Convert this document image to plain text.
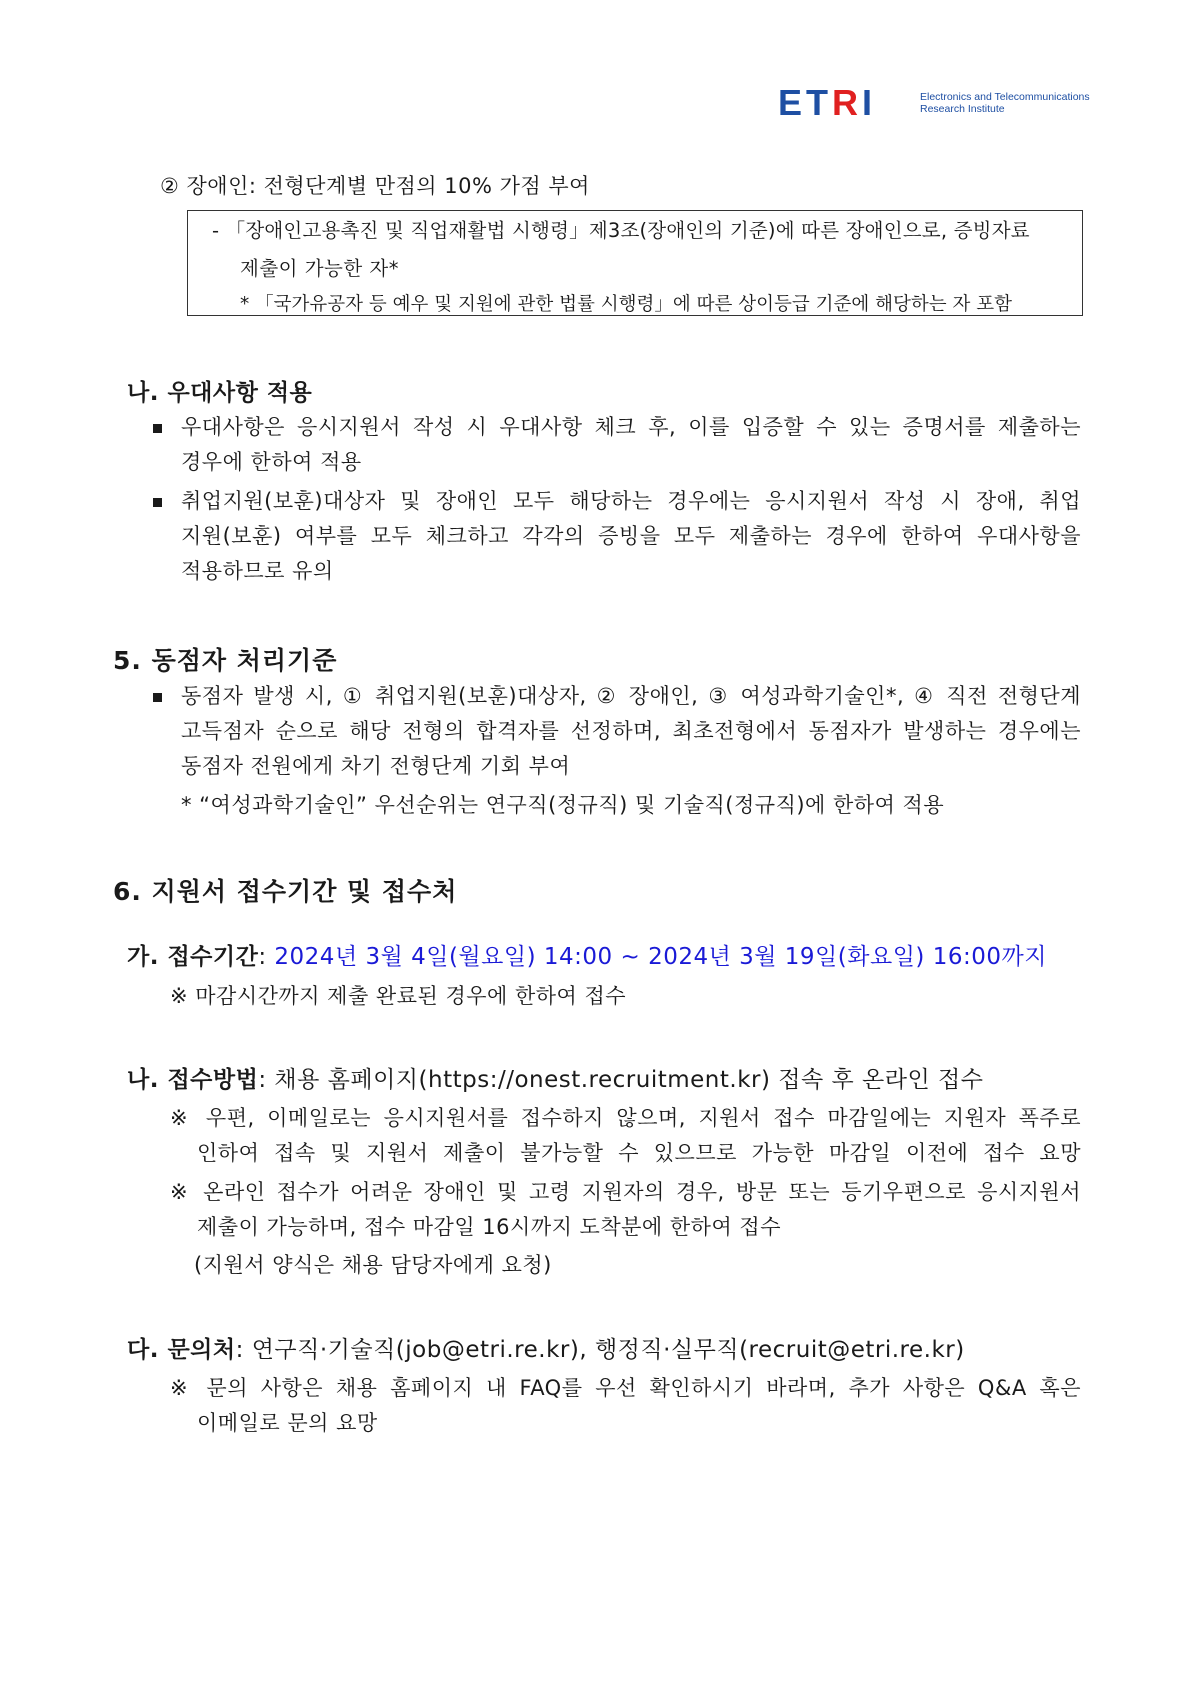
ETRI	Electronics and Telecommunications
Research Institute
② 장애인: 전형단계별 만점의 10% 가점 부여
- 「장애인고용촉진 및 직업재활법 시행령」제3조(장애인의 기준)에 따른 장애인으로, 증빙자료
제출이 가능한 자*
* 「국가유공자 등 예우 및 지원에 관한 법률 시행령」에 따른 상이등급 기준에 해당하는 자 포함
나. 우대사항 적용
우대사항은 응시지원서 작성 시 우대사항 체크 후, 이를 입증할 수 있는 증명서를 제출하는
경우에 한하여 적용
취업지원(보훈)대상자 및 장애인 모두 해당하는 경우에는 응시지원서 작성 시 장애, 취업
지원(보훈) 여부를 모두 체크하고 각각의 증빙을 모두 제출하는 경우에 한하여 우대사항을
적용하므로 유의
5. 동점자 처리기준
동점자 발생 시, ① 취업지원(보훈)대상자, ② 장애인, ③ 여성과학기술인*, ④ 직전 전형단계
고득점자 순으로 해당 전형의 합격자를 선정하며, 최초전형에서 동점자가 발생하는 경우에는
동점자 전원에게 차기 전형단계 기회 부여
* “여성과학기술인” 우선순위는 연구직(정규직) 및 기술직(정규직)에 한하여 적용
6. 지원서 접수기간 및 접수처
가. 접수기간: 2024년 3월 4일(월요일) 14:00 ~ 2024년 3월 19일(화요일) 16:00까지
※ 마감시간까지 제출 완료된 경우에 한하여 접수
나. 접수방법: 채용 홈페이지(https://onest.recruitment.kr) 접속 후 온라인 접수
※ 우편, 이메일로는 응시지원서를 접수하지 않으며, 지원서 접수 마감일에는 지원자 폭주로
인하여 접속 및 지원서 제출이 불가능할 수 있으므로 가능한 마감일 이전에 접수 요망
※ 온라인 접수가 어려운 장애인 및 고령 지원자의 경우, 방문 또는 등기우편으로 응시지원서
제출이 가능하며, 접수 마감일 16시까지 도착분에 한하여 접수
(지원서 양식은 채용 담당자에게 요청)
다. 문의처: 연구직·기술직(job@etri.re.kr), 행정직·실무직(recruit@etri.re.kr)
※ 문의 사항은 채용 홈페이지 내 FAQ를 우선 확인하시기 바라며, 추가 사항은 Q&A 혹은
이메일로 문의 요망
